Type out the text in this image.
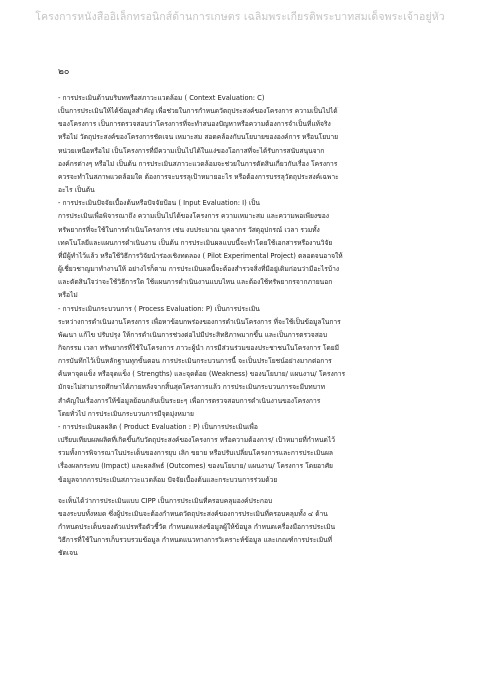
โครงการหนังสืออิเล็กทรอนิกส์ด้านการเกษตร เฉลิมพระเกียรติพระบาทสมเด็จพระเจ้าอยู่หัว
๒๐

- การประเมินด้านบริบทหรือสภาวะแวดล้อม ( Context Evaluation: C)
เป็นการประเมินให้ได้ข้อมูลสำคัญ เพื่อช่วยในการกำหนดวัตถุประสงค์ของโครงการ ความเป็นไปได้
ของโครงการ เป็นการตรวจสอบว่าโครงการที่จะทำสนองปัญหาหรือความต้องการจำเป็นที่แท้จริง
หรือไม่ วัตถุประสงค์ของโครงการชัดเจน เหมาะสม สอดคล้องกับนโยบายขององค์การ หรือนโยบาย
หน่วยเหนือหรือไม่ เป็นโครงการที่มีความเป็นไปได้ในแง่ของโอกาสที่จะได้รับการสนับสนุนจาก
องค์กรต่างๆ หรือไม่ เป็นต้น การประเมินสภาวะแวดล้อมจะช่วยในการตัดสินเกี่ยวกับเรื่อง โครงการ
ควรจะทำในสภาพแวดล้อมใด ต้องการจะบรรลุเป้าหมายอะไร หรือต้องการบรรลุวัตถุประสงค์เฉพาะ
อะไร เป็นต้น

- การประเมินปัจจัยเบื้องต้นหรือปัจจัยป้อน ( Input Evaluation: I) เป็น
การประเมินเพื่อพิจารณาถึง ความเป็นไปได้ของโครงการ ความเหมาะสม และความพอเพียงของ
ทรัพยากรที่จะใช้ในการดำเนินโครงการ เช่น งบประมาณ บุคลากร วัสดุอุปกรณ์ เวลา รวมทั้ง
เทคโนโลยีและแผนการดำเนินงาน เป็นต้น การประเมินผลแบบนี้จะทำโดยใช้เอกสารหรืองานวิจัย
ที่มีผู้ทำไว้แล้ว หรือใช้วิธีการวิจัยนำร่องเชิงทดลอง ( Pilot Experimental Project) ตลอดจนอาจให้
ผู้เชี่ยวชาญมาทำงานให้ อย่างไรก็ตาม การประเมินผลนี้จะต้องสำรวจสิ่งที่มีอยู่เดิมก่อนว่ามีอะไรบ้าง
และตัดสินใจว่าจะใช้วิธีการใด ใช้แผนการดำเนินงานแบบไหน และต้องใช้ทรัพยากรจากภายนอก
หรือไม่

- การประเมินกระบวนการ ( Process Evaluation: P) เป็นการประเมิน
ระหว่างการดำเนินงานโครงการ เพื่อหาข้อบกพร่องของการดำเนินโครงการ ที่จะใช้เป็นข้อมูลในการ
พัฒนา แก้ไข ปรับปรุง ให้การดำเนินการช่วงต่อไปมีประสิทธิภาพมากขึ้น และเป็นการตรวจสอบ
กิจกรรม เวลา ทรัพยากรที่ใช้ในโครงการ ภาวะผู้นำ การมีส่วนร่วมของประชาชนในโครงการ โดยมี
การบันทึกไว้เป็นหลักฐานทุกขั้นตอน การประเมินกระบวนการนี้ จะเป็นประโยชน์อย่างมากต่อการ
ค้นหาจุดแข็ง หรือจุดแข็ง ( Strengths) และจุดด้อย (Weakness) ของนโยบาย/ แผนงาน/ โครงการ
มักจะไม่สามารถศึกษาได้ภายหลังจากสิ้นสุดโครงการแล้ว การประเมินกระบวนการจะมีบทบาท
สำคัญในเรื่องการให้ข้อมูลย้อนกลับเป็นระยะๆ เพื่อการตรวจสอบการดำเนินงานของโครงการ
โดยทั่วไป การประเมินกระบวนการมีจุดมุ่งหมาย

- การประเมินผลผลิต ( Product Evaluation : P) เป็นการประเมินเพื่อ
เปรียบเทียบผลผลิตที่เกิดขึ้นกับวัตถุประสงค์ของโครงการ หรือความต้องการ/ เป้าหมายที่กำหนดไว้
รวมทั้งการพิจารณาในประเด็นของการยุบ เลิก ขยาย หรือปรับเปลี่ยนโครงการและการประเมินผล
เรื่องผลกระทบ (Impact) และผลลัพธ์ (Outcomes) ของนโยบาย/ แผนงาน/ โครงการ โดยอาศัย
ข้อมูลจากการประเมินสภาวะแวดล้อม ปัจจัยเบื้องต้นและกระบวนการร่วมด้วย

จะเห็นได้ว่าการประเมินแบบ CIPP เป็นการประเมินที่ครอบคลุมองค์ประกอบ
ของระบบทั้งหมด ซึ่งผู้ประเมินจะต้องกำหนดวัตถุประสงค์ของการประเมินที่ครอบคลุมทั้ง ๔ ด้าน
กำหนดประเด็นของตัวแปรหรือตัวชี้วัด กำหนดแหล่งข้อมูลผู้ให้ข้อมูล กำหนดเครื่องมือการประเมิน
วิธีการที่ใช้ในการเก็บรวบรวมข้อมูล กำหนดแนวทางการวิเคราะห์ข้อมูล และเกณฑ์การประเมินที่
ชัดเจน
